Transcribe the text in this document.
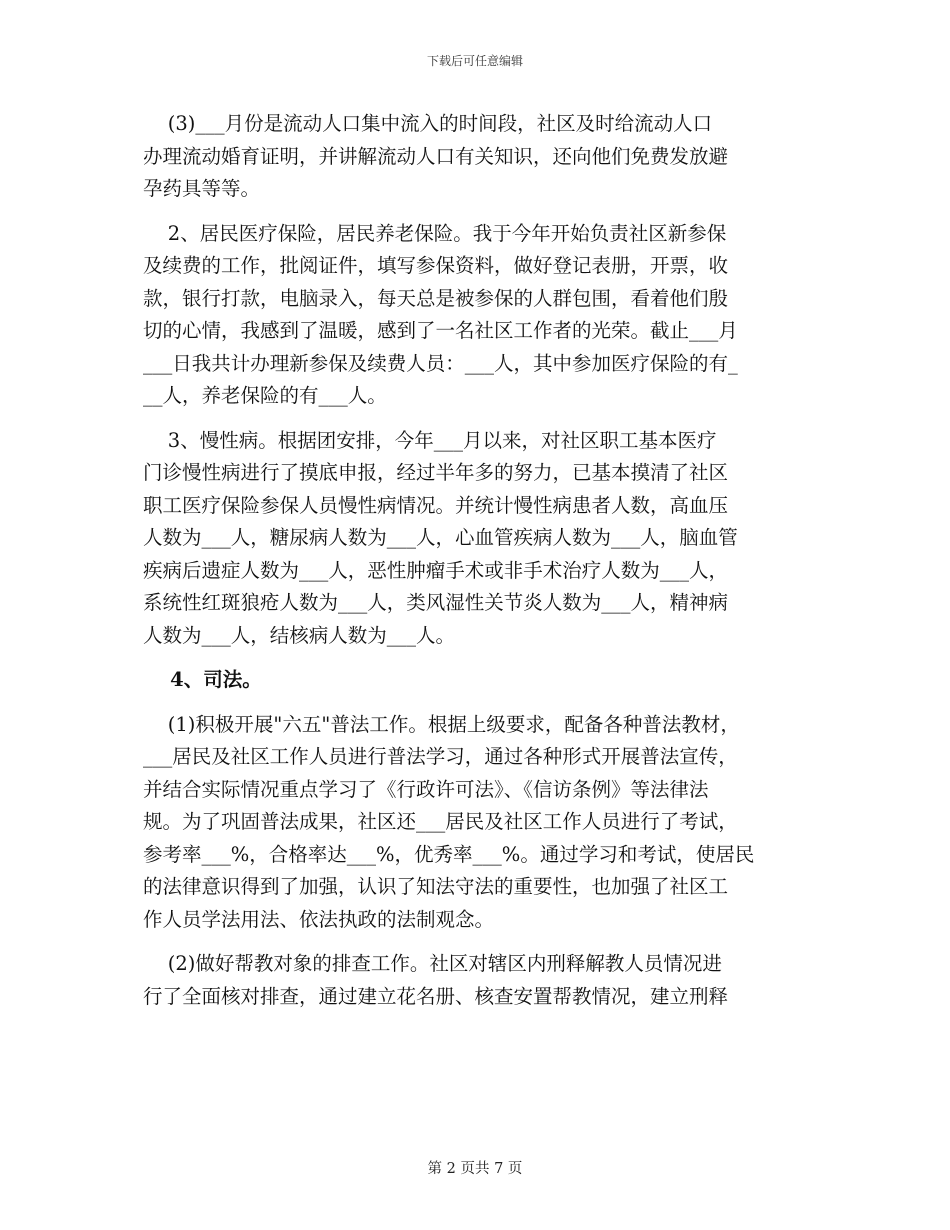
下载后可任意编辑
(3)___月份是流动人口集中流入的时间段，社区及时给流动人口
办理流动婚育证明，并讲解流动人口有关知识，还向他们免费发放避
孕药具等等。
2、居民医疗保险，居民养老保险。我于今年开始负责社区新参保
及续费的工作，批阅证件，填写参保资料，做好登记表册，开票，收
款，银行打款，电脑录入，每天总是被参保的人群包围，看着他们殷
切的心情，我感到了温暖，感到了一名社区工作者的光荣。截止___月
___日我共计办理新参保及续费人员：___人，其中参加医疗保险的有_
__人，养老保险的有___人。
3、慢性病。根据团安排，今年___月以来，对社区职工基本医疗
门诊慢性病进行了摸底申报，经过半年多的努力，已基本摸清了社区
职工医疗保险参保人员慢性病情况。并统计慢性病患者人数，高血压
人数为___人，糖尿病人数为___人，心血管疾病人数为___人，脑血管
疾病后遗症人数为___人，恶性肿瘤手术或非手术治疗人数为___人，
系统性红斑狼疮人数为___人，类风湿性关节炎人数为___人，精神病
人数为___人，结核病人数为___人。
4、司法。
(1)积极开展"六五"普法工作。根据上级要求，配备各种普法教材，
___居民及社区工作人员进行普法学习，通过各种形式开展普法宣传，
并结合实际情况重点学习了《行政许可法》、《信访条例》等法律法
规。为了巩固普法成果，社区还___居民及社区工作人员进行了考试，
参考率___%，合格率达___%，优秀率___%。通过学习和考试，使居民
的法律意识得到了加强，认识了知法守法的重要性，也加强了社区工
作人员学法用法、依法执政的法制观念。
(2)做好帮教对象的排查工作。社区对辖区内刑释解教人员情况进
行了全面核对排查，通过建立花名册、核查安置帮教情况，建立刑释
第 2 页共 7 页
